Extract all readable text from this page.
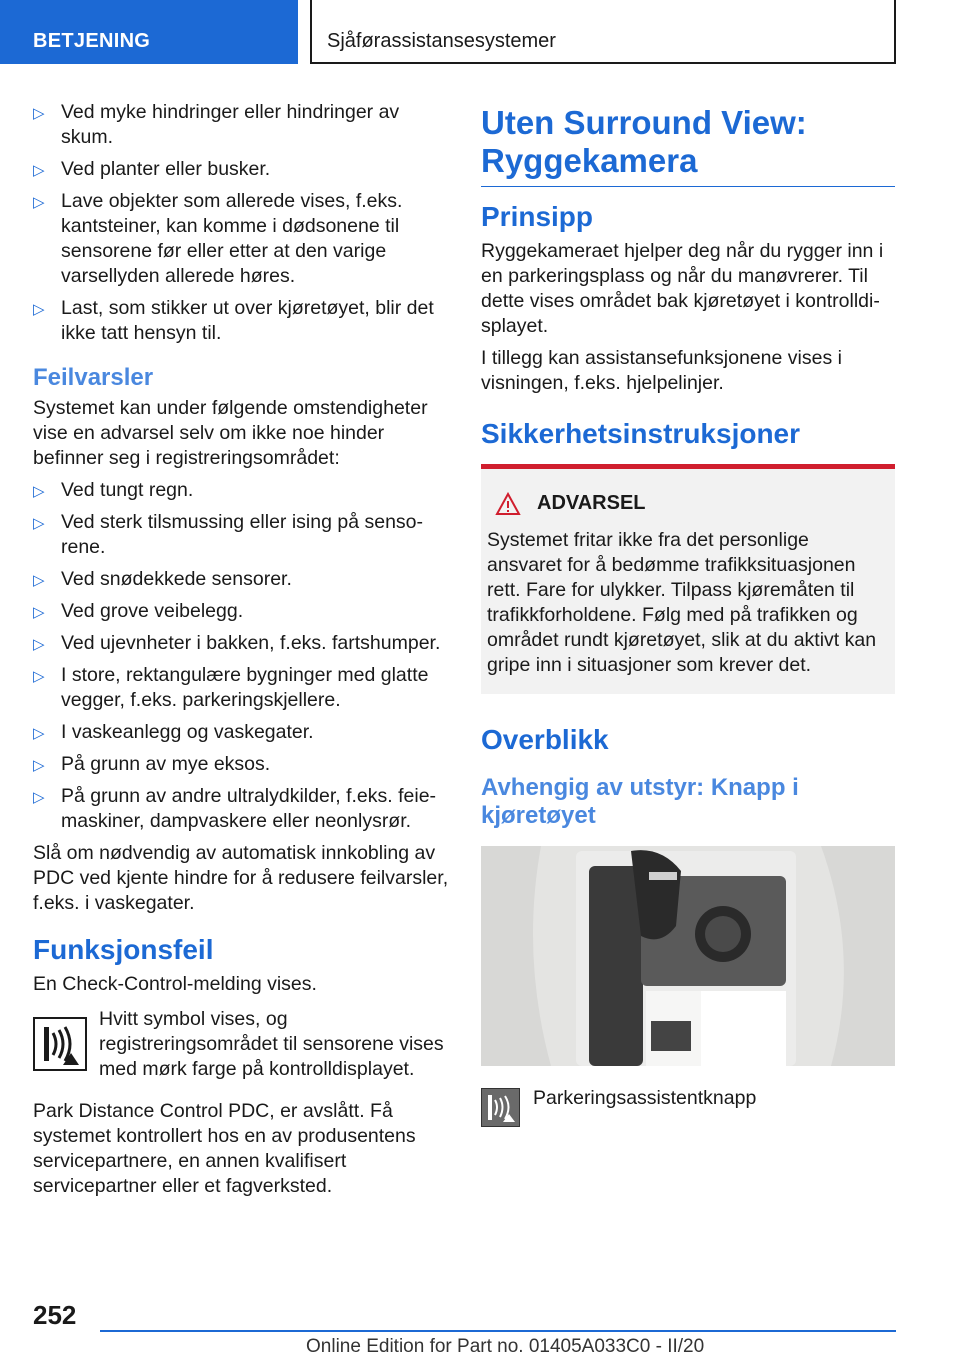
BETJENING	Sjåførassistansesystemer
▷ Ved myke hindringer eller hindringer av skum.
▷ Ved planter eller busker.
▷ Lave objekter som allerede vises, f.eks. kantsteiner, kan komme i dødsonene til sensorene før eller etter at den varige varsellyden allerede høres.
▷ Last, som stikker ut over kjøretøyet, blir det ikke tatt hensyn til.
Feilvarsler

Systemet kan under følgende omstendigheter vise en advarsel selv om ikke noe hinder befinner seg i registreringsområdet:

▷ Ved tungt regn.
▷ Ved sterk tilsmussing eller ising på sensorene.
▷ Ved snødekkede sensorer.
▷ Ved grove veibelegg.
▷ Ved ujevnheter i bakken, f.eks. fartshumper.
▷ I store, rektangulære bygninger med glatte vegger, f.eks. parkeringskjellere.
▷ I vaskeanlegg og vaskegater.
▷ På grunn av mye eksos.
▷ På grunn av andre ultralydkilder, f.eks. feiemaskiner, dampvaskere eller neonlysrør.

Slå om nødvendig av automatisk innkobling av PDC ved kjente hindre for å redusere feilvarsler, f.eks. i vaskegater.

Funksjonsfeil

En Check-Control-melding vises.

Hvitt symbol vises, og registreringsområdet til sensorene vises med mørk farge på kontrolldisplayet.

Park Distance Control PDC, er avslått. Få systemet kontrollert hos en av produsentens servicepartnere, en annen kvalifisert servicepartner eller et fagverksted.

Uten Surround View: Ryggekamera
Prinsipp

Ryggekameraet hjelper deg når du rygger inn i en parkeringsplass og når du manøvrerer. Til dette vises området bak kjøretøyet i kontrolldisplayet.

I tillegg kan assistansefunksjonene vises i visningen, f.eks. hjelpelinjer.

Sikkerhetsinstruksjoner
ADVARSEL

Systemet fritar ikke fra det personlige ansvaret for å bedømme trafikksituasjonen rett. Fare for ulykker. Tilpass kjøremåten til trafikkforholdene. Følg med på trafikken og området rundt kjøretøyet, slik at du aktivt kan gripe inn i situasjoner som krever det.

Overblikk
Avhengig av utstyr: Knapp i kjøretøyet
Parkeringsassistentknapp
252
Online Edition for Part no. 01405A033C0 - II/20
